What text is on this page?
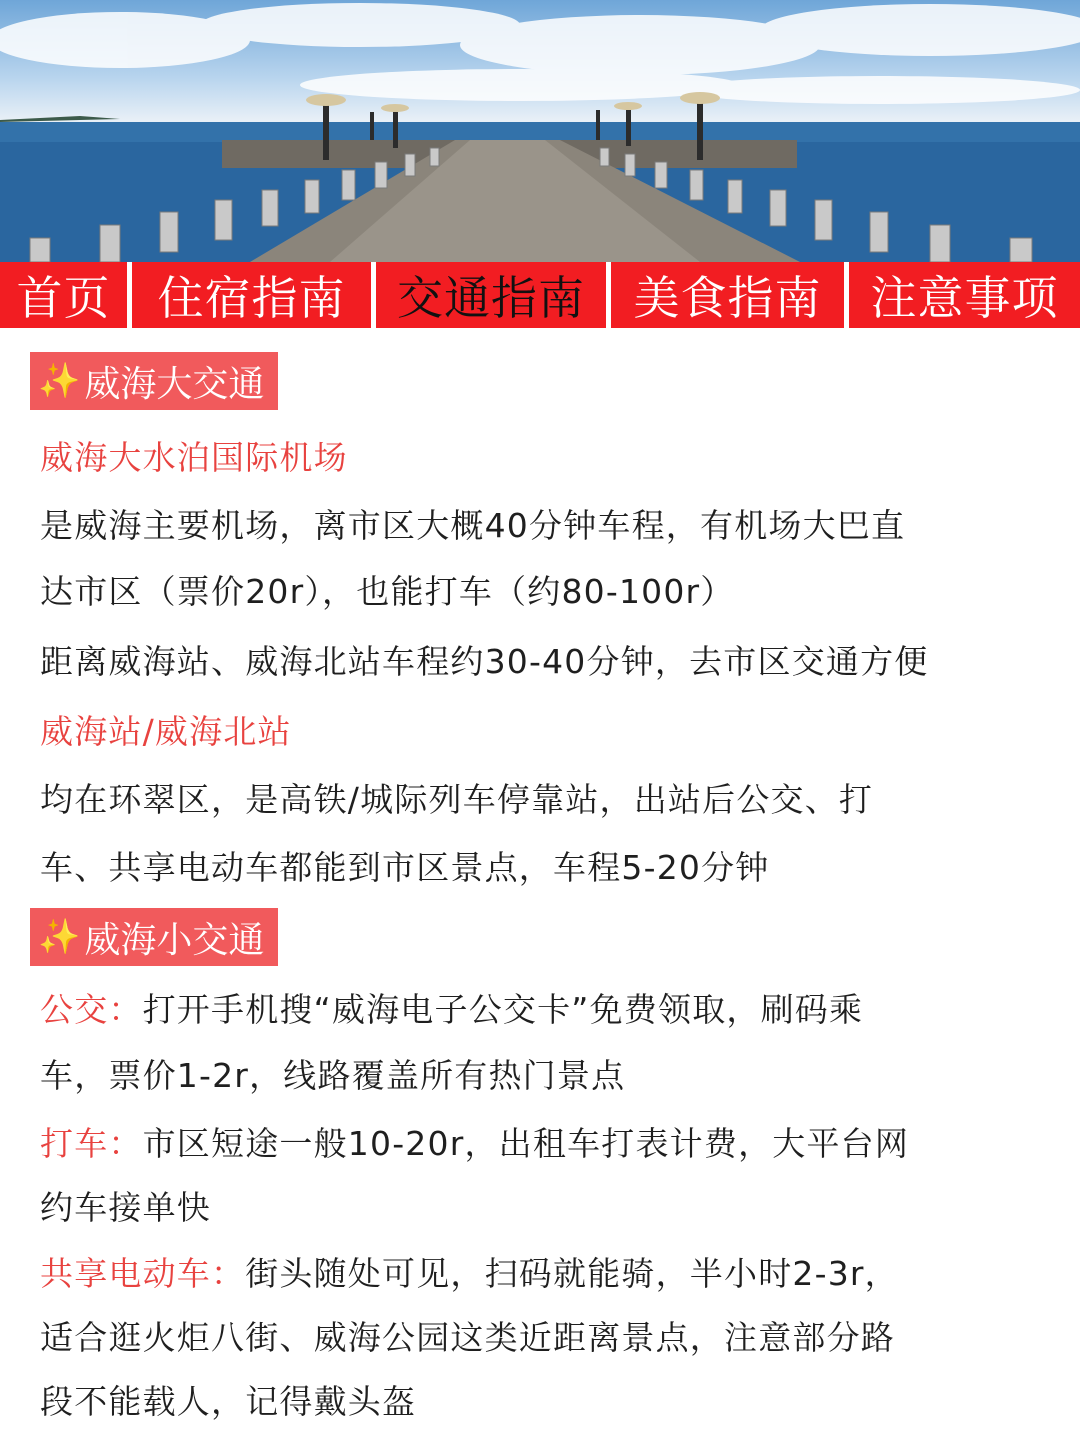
首页	住宿指南	交通指南	美食指南	注意事项
✨ 威海大交通
威海大水泊国际机场
是威海主要机场，离市区大概40分钟车程，有机场大巴直
达市区（票价20r），也能打车（约80-100r）
距离威海站、威海北站车程约30-40分钟，去市区交通方便
威海站/威海北站
均在环翠区，是高铁/城际列车停靠站，出站后公交、打
车、共享电动车都能到市区景点，车程5-20分钟
✨ 威海小交通
公交：打开手机搜“威海电子公交卡”免费领取，刷码乘
车，票价1-2r，线路覆盖所有热门景点
打车：市区短途一般10-20r，出租车打表计费，大平台网
约车接单快
共享电动车：街头随处可见，扫码就能骑，半小时2-3r，
适合逛火炬八街、威海公园这类近距离景点，注意部分路
段不能载人，记得戴头盔
